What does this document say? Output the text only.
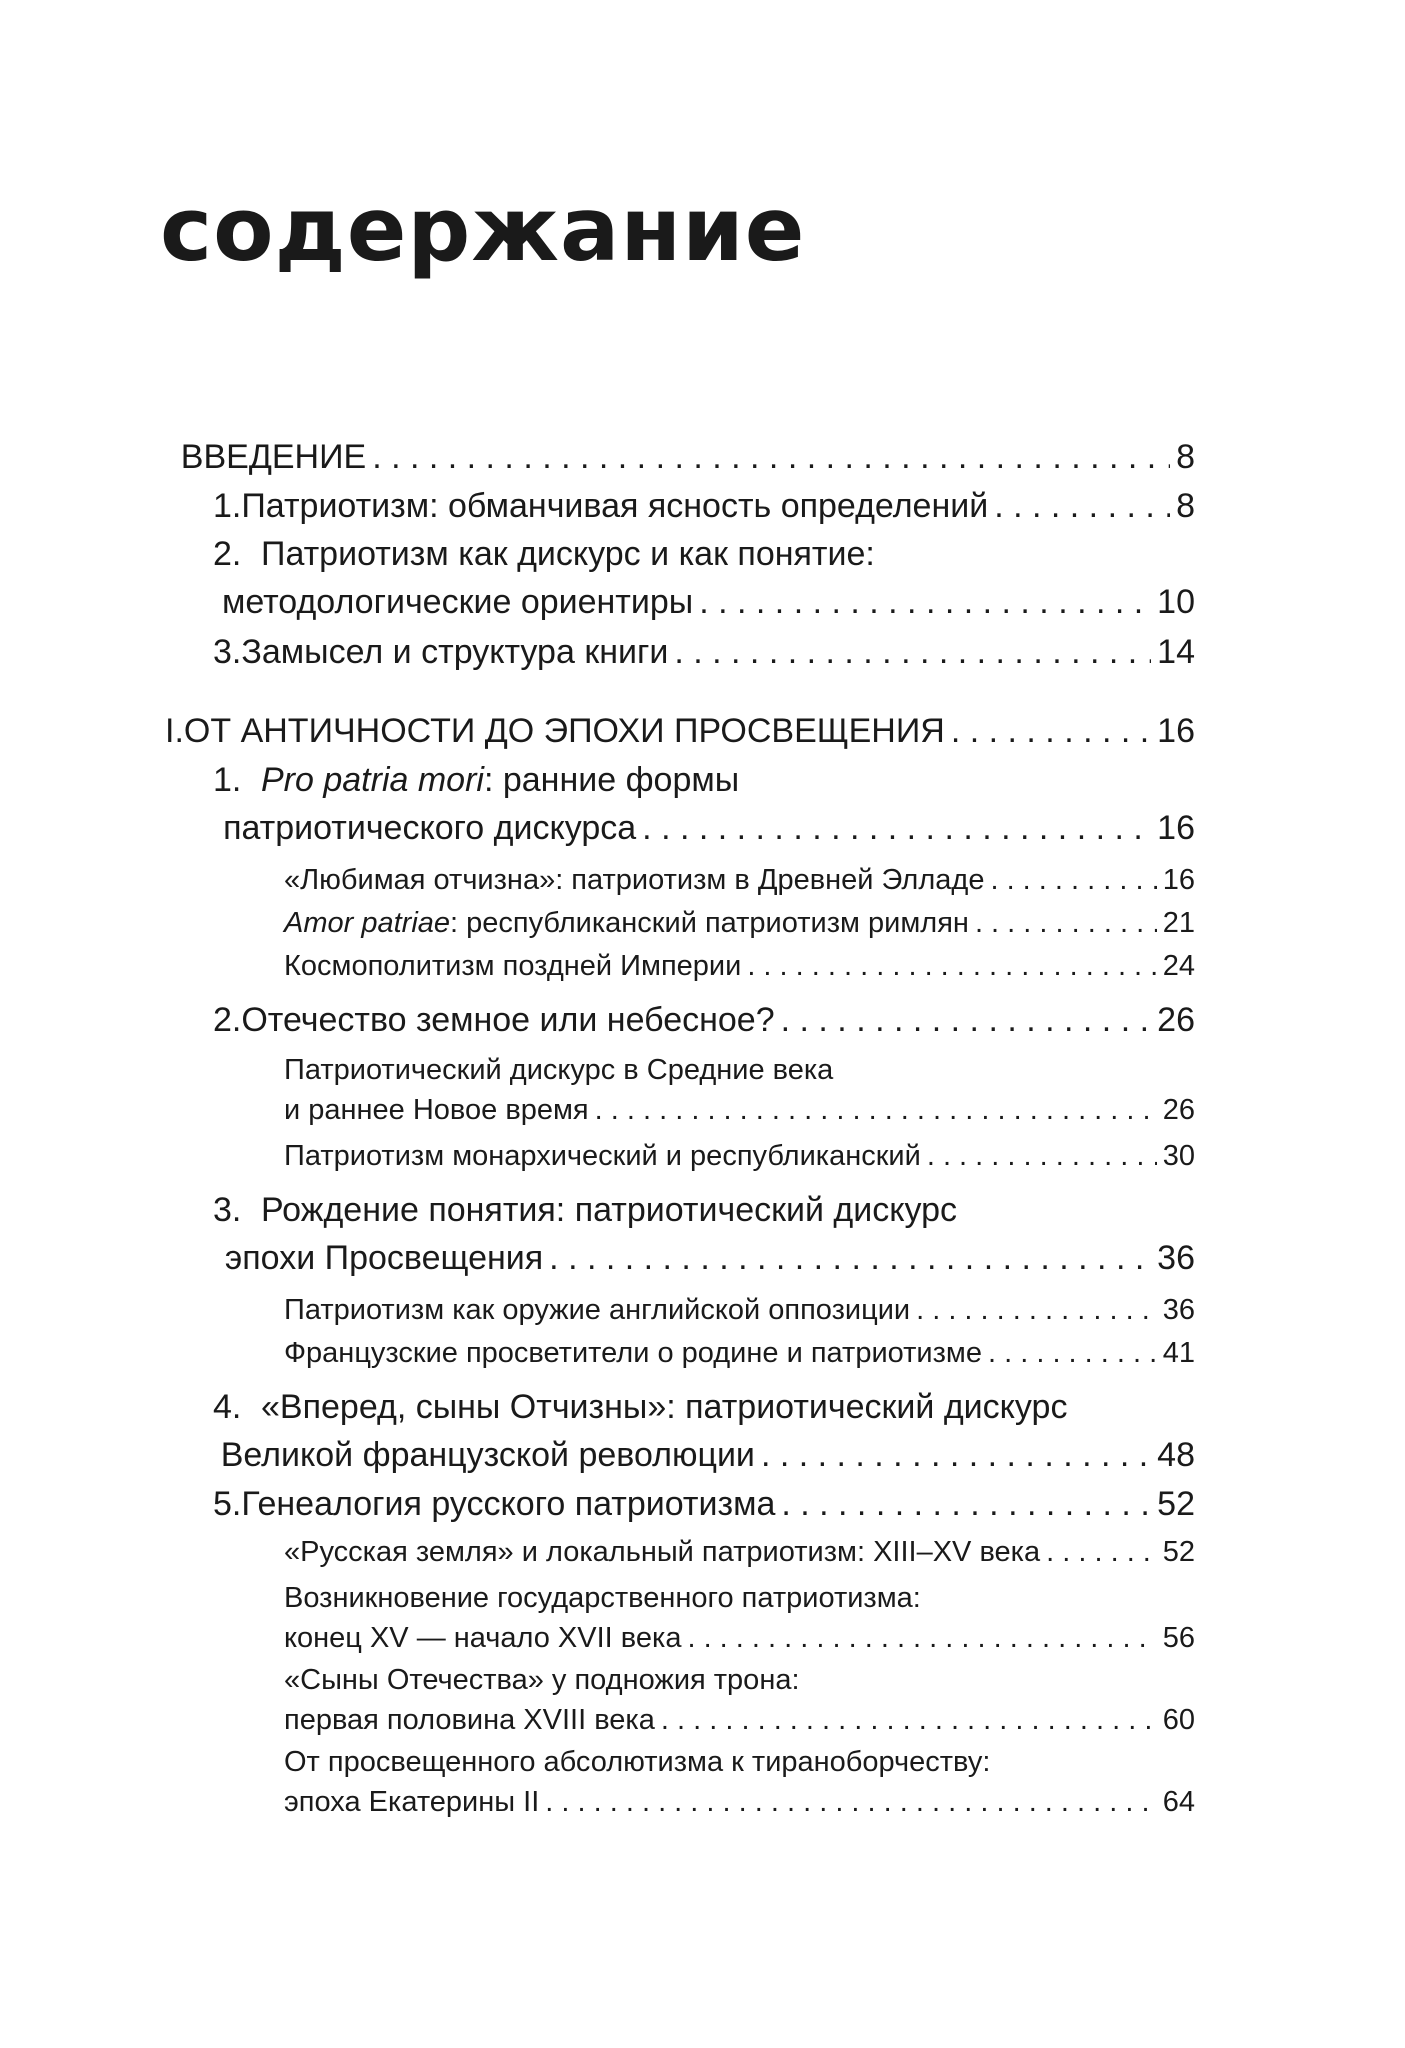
содержание
ВВЕДЕНИЕ . . .	8
1. Патриотизм: обманчивая ясность определений . . .	8
2. Патриотизм как дискурс и как понятие:
методологические ориентиры . . .	10
3. Замысел и структура книги . . .	14
I. ОТ АНТИЧНОСТИ ДО ЭПОХИ ПРОСВЕЩЕНИЯ . . .	16
1. Pro patria mori: ранние формы
патриотического дискурса . . .	16
«Любимая отчизна»: патриотизм в Древней Элладе . . .	16
Amor patriae: республиканский патриотизм римлян . . .	21
Космополитизм поздней Империи . . .	24
2. Отечество земное или небесное? . . .	26
Патриотический дискурс в Средние века
и раннее Новое время . . .	26
Патриотизм монархический и республиканский . . .	30
3. Рождение понятия: патриотический дискурс
эпохи Просвещения . . .	36
Патриотизм как оружие английской оппозиции . . .	36
Французские просветители о родине и патриотизме . . .	41
4. «Вперед, сыны Отчизны»: патриотический дискурс
Великой французской революции . . .	48
5. Генеалогия русского патриотизма . . .	52
«Русская земля» и локальный патриотизм: XIII–XV века . . .	52
Возникновение государственного патриотизма:
конец XV — начало XVII века . . .	56
«Сыны Отечества» у подножия трона:
первая половина XVIII века . . .	60
От просвещенного абсолютизма к тираноборчеству:
эпоха Екатерины II . . .	64
